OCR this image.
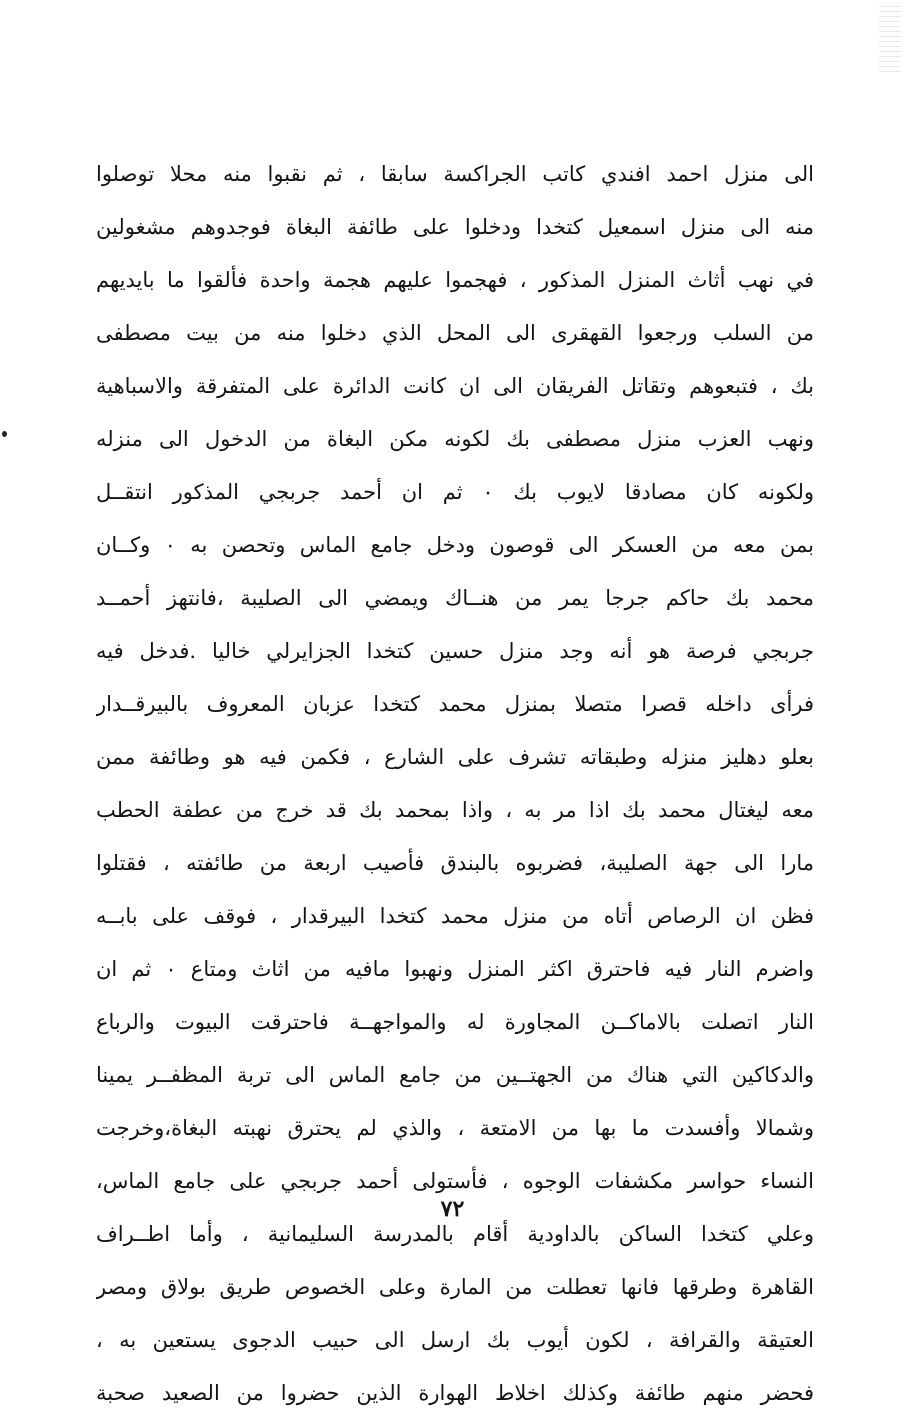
الى منزل احمد افندي كاتب الجراكسة سابقا ، ثم نقبوا منه محلا توصلوا
منه الى منزل اسمعيل كتخدا ودخلوا على طائفة البغاة فوجدوهم مشغولين
في نهب أثاث المنزل المذكور ، فهجموا عليهم هجمة واحدة فألقوا ما بايديهم
من السلب ورجعوا القهقرى الى المحل الذي دخلوا منه من بيت مصطفى
بك ، فتبعوهم وتقاتل الفريقان الى ان كانت الدائرة على المتفرقة والاسباهية
ونهب العزب منزل مصطفى بك لكونه مكن البغاة من الدخول الى منزله
ولكونه كان مصادقا لايوب بك ٠ ثم ان أحمد جربجي المذكور انتقــل
بمن معه من العسكر الى قوصون ودخل جامع الماس وتحصن به ٠ وكــان
محمد بك حاكم جرجا يمر من هنــاك ويمضي الى الصليبة ،فانتهز أحمــد
جربجي فرصة هو أنه وجد منزل حسين كتخدا الجزايرلي خاليا .فدخل فيه
فرأى داخله قصرا متصلا بمنزل محمد كتخدا عزبان المعروف بالبيرقــدار
بعلو دهليز منزله وطبقاته تشرف على الشارع ، فكمن فيه هو وطائفة ممن
معه ليغتال محمد بك اذا مر به ، واذا بمحمد بك قد خرج من عطفة الحطب
مارا الى جهة الصليبة، فضربوه بالبندق فأصيب اربعة من طائفته ، فقتلوا
فظن ان الرصاص أتاه من منزل محمد كتخدا البيرقدار ، فوقف على بابــه
واضرم النار فيه فاحترق اكثر المنزل ونهبوا مافيه من اثاث ومتاع ٠ ثم ان
النار اتصلت بالاماكــن المجاورة له والمواجهــة فاحترقت البيوت والرباع
والدكاكين التي هناك من الجهتــين من جامع الماس الى تربة المظفــر يمينا
وشمالا وأفسدت ما بها من الامتعة ، والذي لم يحترق نهبته البغاة،وخرجت
النساء حواسر مكشفات الوجوه ، فأستولى أحمد جربجي على جامع الماس،
وعلي كتخدا الساكن بالداودية أقام بالمدرسة السليمانية ، وأما اطــراف
القاهرة وطرقها فانها تعطلت من المارة وعلى الخصوص طريق بولاق ومصر
العتيقة والقرافة ، لكون أيوب بك ارسل الى حبيب الدجوى يستعين به ،
فحضر منهم طائفة وكذلك اخلاط الهوارة الذين حضروا من الصعيد صحبة
٧٢
